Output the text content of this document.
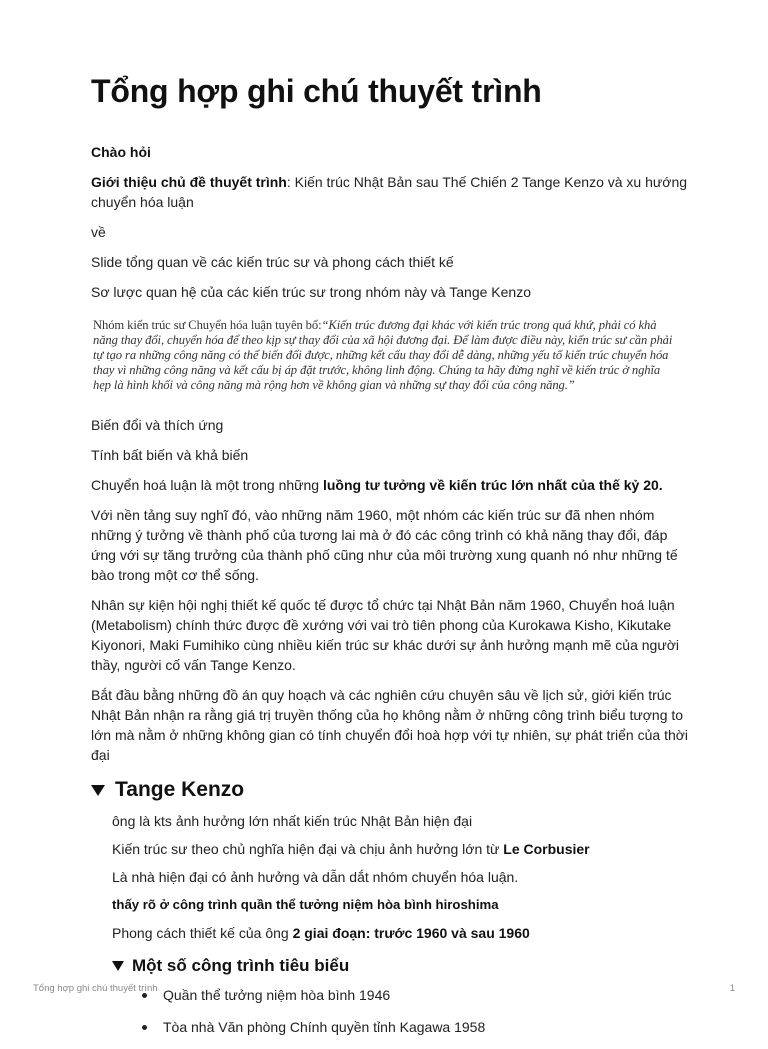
Tổng hợp ghi chú thuyết trình

Chào hỏi

Giới thiệu chủ đề thuyết trình: Kiến trúc Nhật Bản sau Thế Chiến 2 Tange Kenzo và xu hướng chuyển hóa luận

về

Slide tổng quan về các kiến trúc sư và phong cách thiết kế

Sơ lược quan hệ của các kiến trúc sư trong nhóm này và Tange Kenzo

Nhóm kiến trúc sư Chuyển hóa luận tuyên bố:“Kiến trúc đương đại khác với kiến trúc trong quá khứ, phải có khả năng thay đổi, chuyển hóa để theo kịp sự thay đổi của xã hội đương đại. Để làm được điều này, kiến trúc sư cần phải tự tạo ra những công năng có thể biến đổi được, những kết cấu thay đổi dễ dàng, những yếu tố kiến trúc chuyển hóa thay vì những công năng và kết cấu bị áp đặt trước, không linh động. Chúng ta hãy đừng nghĩ về kiến trúc ở nghĩa hẹp là hình khối và công năng mà rộng hơn về không gian và những sự thay đổi của công năng.”

Biến đổi và thích ứng

Tính bất biến và khả biến

Chuyển hoá luận là một trong những luồng tư tưởng về kiến trúc lớn nhất của thế kỷ 20.

Với nền tảng suy nghĩ đó, vào những năm 1960, một nhóm các kiến trúc sư đã nhen nhóm những ý tưởng về thành phố của tương lai mà ở đó các công trình có khả năng thay đổi, đáp ứng với sự tăng trưởng của thành phố cũng như của môi trường xung quanh nó như những tế bào trong một cơ thể sống.

Nhân sự kiện hội nghị thiết kế quốc tế được tổ chức tại Nhật Bản năm 1960, Chuyển hoá luận (Metabolism) chính thức được đề xướng với vai trò tiên phong của Kurokawa Kisho, Kikutake Kiyonori, Maki Fumihiko cùng nhiều kiến trúc sư khác dưới sự ảnh hưởng mạnh mẽ của người thầy, người cố vấn Tange Kenzo.

Bắt đầu bằng những đồ án quy hoạch và các nghiên cứu chuyên sâu về lịch sử, giới kiến trúc Nhật Bản nhận ra rằng giá trị truyền thống của họ không nằm ở những công trình biểu tượng to lớn mà nằm ở những không gian có tính chuyển đổi hoà hợp với tự nhiên, sự phát triển của thời đại

Tange Kenzo

ông là kts ảnh hưởng lớn nhất kiến trúc Nhật Bản hiện đại

Kiến trúc sư theo chủ nghĩa hiện đại và chịu ảnh hưởng lớn từ Le Corbusier

Là nhà hiện đại có ảnh hưởng và dẫn dắt nhóm chuyển hóa luận.

thấy rõ ở công trình quần thể tưởng niệm hòa bình hiroshima

Phong cách thiết kế của ông 2 giai đoạn: trước 1960 và sau 1960

Một số công trình tiêu biểu
Quần thể tưởng niệm hòa bình 1946
Tòa nhà Văn phòng Chính quyền tỉnh Kagawa 1958
Tổng hợp ghi chú thuyết trình	1
